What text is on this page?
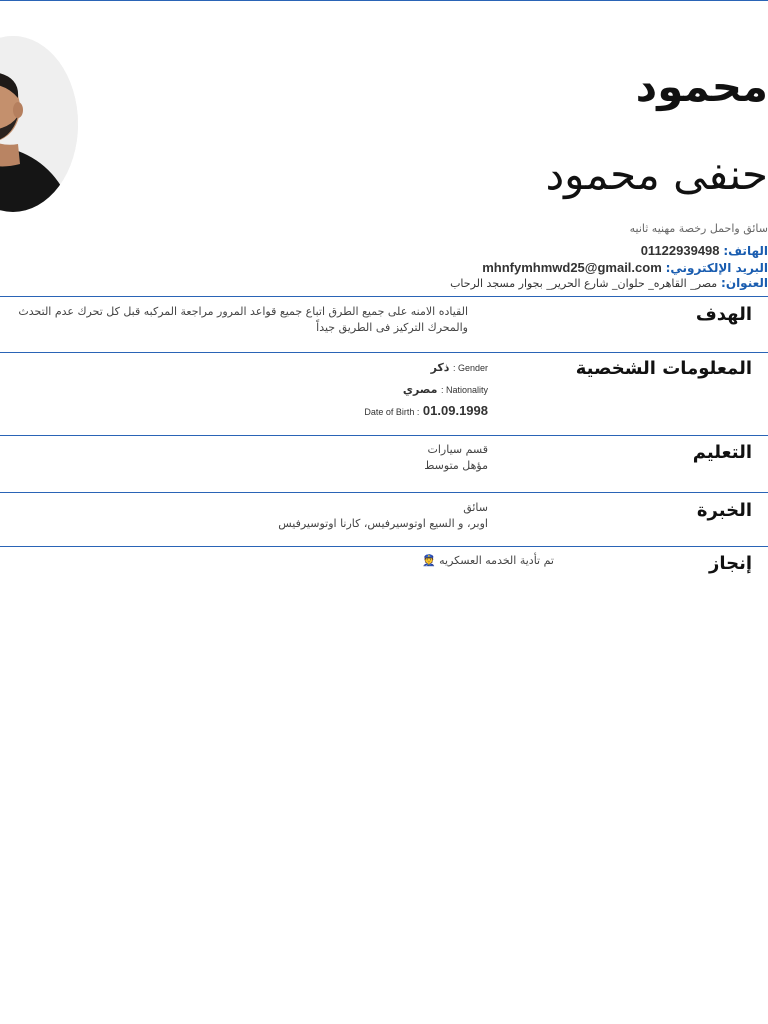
محمود
حنفى محمود
سائق واحمل رخصة مهنيه ثانيه
الهاتف: 01122939498
البريد الإلكتروني: mhnfymhmwd25@gmail.com
العنوان: مصر_ القاهره_ حلوان_ شارع الحرير_ بجوار مسجد الرحاب
الهدف
القياده الامنه على جميع الطرق اتباع جميع قواعد المرور مراجعة المركبه قبل كل تحرك عدم التحدث
والمحرك التركيز فى الطريق جيداً
المعلومات الشخصية
Gender : ذكر
Nationality : مصري
Date of Birth : 01.09.1998
التعليم
قسم سيارات
مؤهل متوسط
الخبرة
سائق
اوبر، و السيع اوتوسيرفيس، كارنا اوتوسيرفيس
إنجاز
تم تأدية الخدمه العسكريه 👮
